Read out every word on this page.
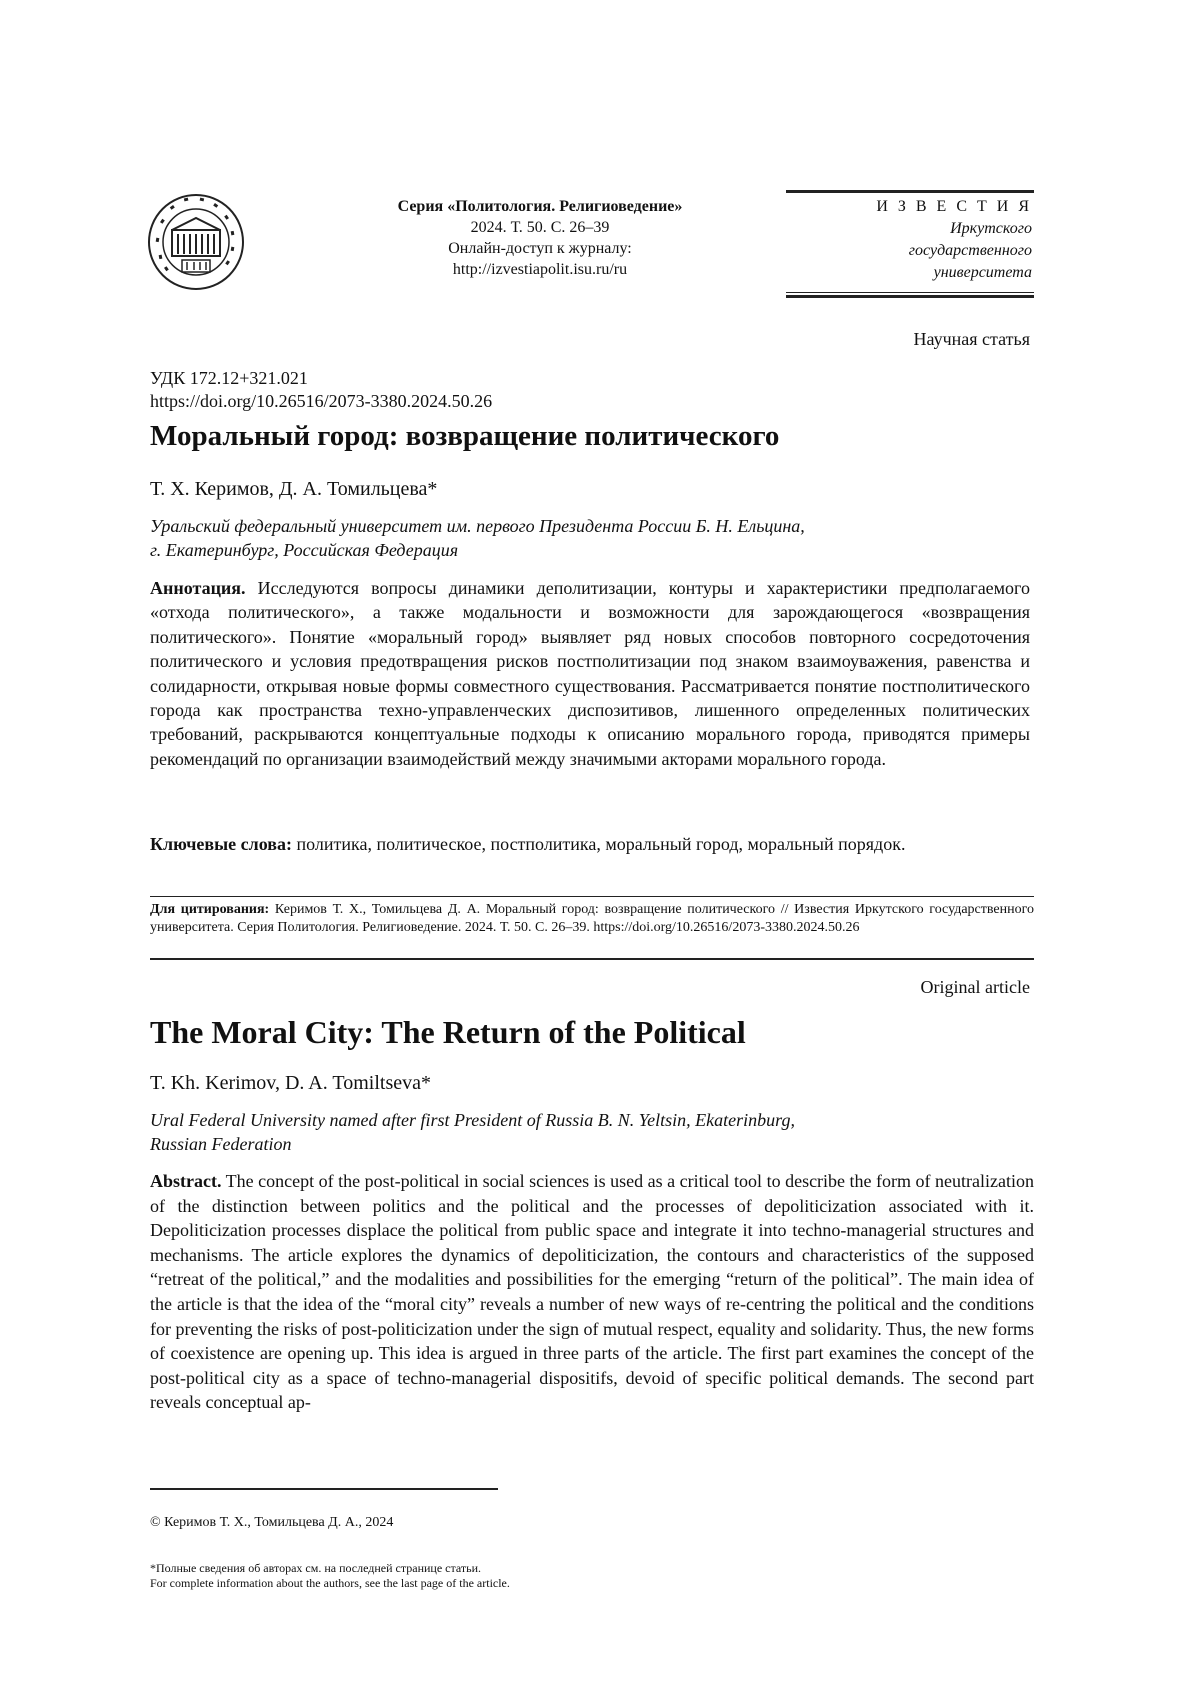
Серия «Политология. Религиоведение»
2024. Т. 50. С. 26–39
Онлайн-доступ к журналу:
http://izvestiapolit.isu.ru/ru
И З В Е С Т И Я
Иркутского
государственного
университета
Научная статья
УДК 172.12+321.021
https://doi.org/10.26516/2073-3380.2024.50.26
Моральный город: возвращение политического
Т. Х. Керимов, Д. А. Томильцева*
Уральский федеральный университет им. первого Президента России Б. Н. Ельцина,
г. Екатеринбург, Российская Федерация
Аннотация. Исследуются вопросы динамики деполитизации, контуры и характеристики предполагаемого «отхода политического», а также модальности и возможности для зарождающегося «возвращения политического». Понятие «моральный город» выявляет ряд новых способов повторного сосредоточения политического и условия предотвращения рисков постполитизации под знаком взаимоуважения, равенства и солидарности, открывая новые формы совместного существования. Рассматривается понятие постполитического города как пространства техно-управленческих диспозитивов, лишенного определенных политических требований, раскрываются концептуальные подходы к описанию морального города, приводятся примеры рекомендаций по организации взаимодействий между значимыми акторами морального города.
Ключевые слова: политика, политическое, постполитика, моральный город, моральный порядок.
Для цитирования: Керимов Т. Х., Томильцева Д. А. Моральный город: возвращение политического // Известия Иркутского государственного университета. Серия Политология. Религиоведение. 2024. Т. 50. С. 26–39. https://doi.org/10.26516/2073-3380.2024.50.26
Original article
The Moral City: The Return of the Political
T. Kh. Kerimov, D. A. Tomiltseva*
Ural Federal University named after first President of Russia B. N. Yeltsin, Ekaterinburg,
Russian Federation
Abstract. The concept of the post-political in social sciences is used as a critical tool to describe the form of neutralization of the distinction between politics and the political and the processes of depoliticization associated with it. Depoliticization processes displace the political from public space and integrate it into techno-managerial structures and mechanisms. The article explores the dynamics of depoliticization, the contours and characteristics of the supposed “retreat of the political,” and the modalities and possibilities for the emerging “return of the political”. The main idea of the article is that the idea of the “moral city” reveals a number of new ways of re-centring the political and the conditions for preventing the risks of post-politicization under the sign of mutual respect, equality and solidarity. Thus, the new forms of coexistence are opening up. This idea is argued in three parts of the article. The first part examines the concept of the post-political city as a space of techno-managerial dispositifs, devoid of specific political demands. The second part reveals conceptual ap-
© Керимов Т. Х., Томильцева Д. А., 2024
*Полные сведения об авторах см. на последней странице статьи.
For complete information about the authors, see the last page of the article.
